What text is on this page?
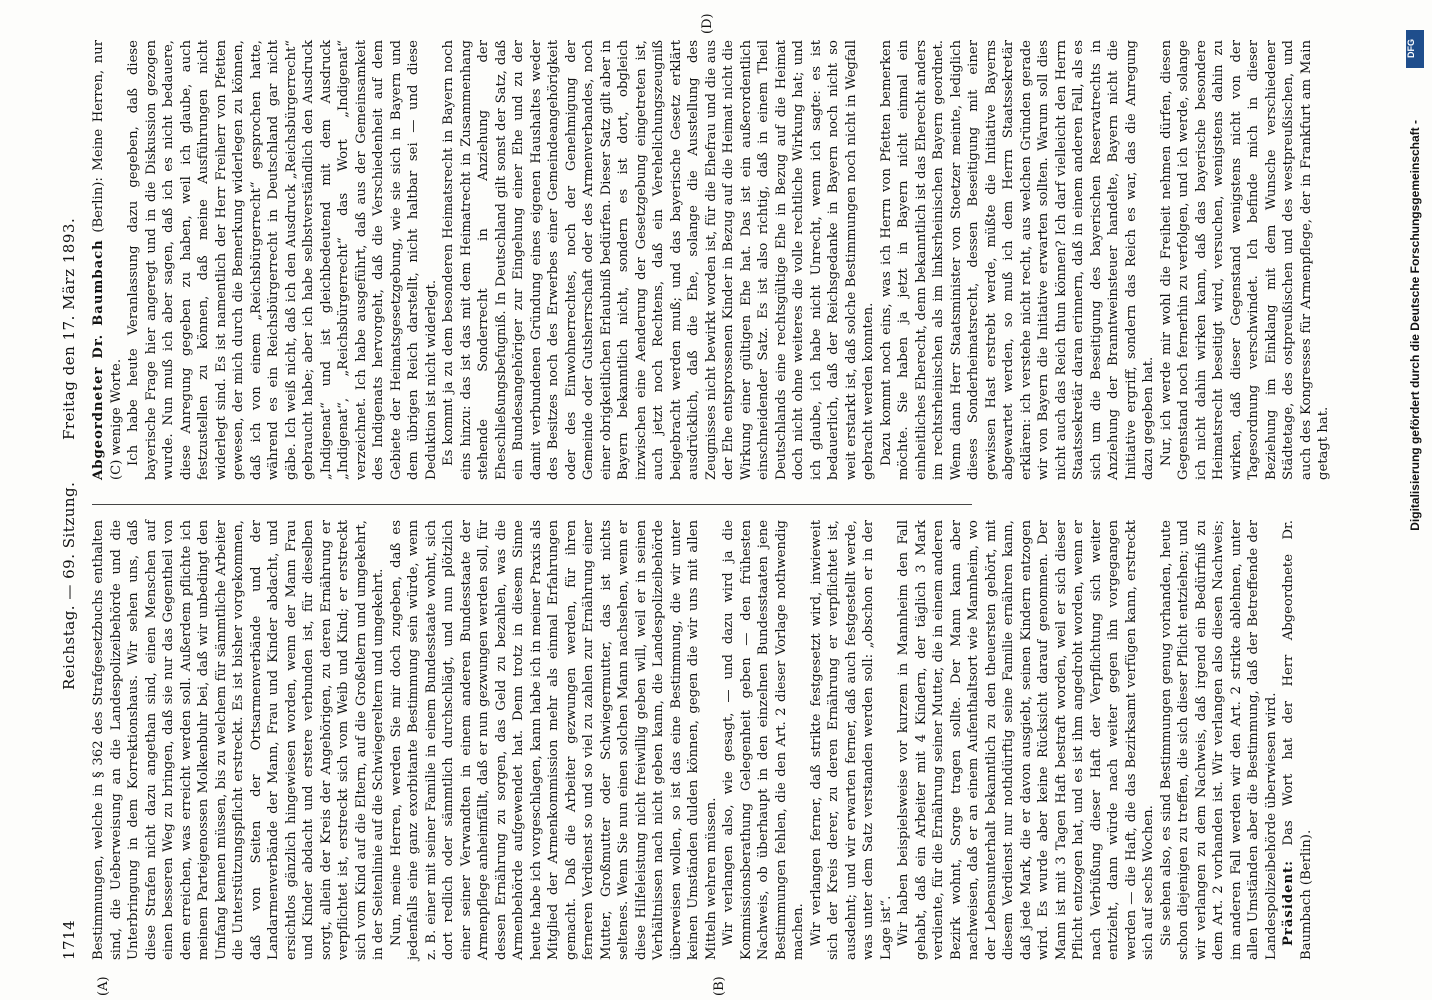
1714
Reichstag. — 69. Sitzung.
Freitag den 17. März 1893.
(A)	(B)
(D)

Bestimmungen, welche in § 362 des Strafgesetzbuchs enthalten sind, die Ueberweisung an die Landespolizeibehörde und die Unterbringung in dem Korrektionshaus. Wir sehen uns, daß diese Strafen nicht dazu angethan sind, einen Menschen auf einen besseren Weg zu bringen, daß sie nur das Gegentheil von dem erreichen, was erreicht werden soll. Außerdem pflichte ich meinem Parteigenossen Molkenbuhr bei, daß wir unbedingt den Umfang kennen müssen, bis zu welchem für sämmtliche Arbeiter die Unterstützungspflicht erstreckt. Es ist bisher vorgekommen, daß von Seiten der Ortsarmenverbände und der Landarmenverbände der Mann, Frau und Kinder abdacht, und ersichtlos gänzlich hingewiesen worden, wenn der Mann Frau und Kinder abdacht und erstere verbunden ist, für dieselben sorgt, allein der Kreis der Angehörigen, zu deren Ernährung er verpflichtet ist, erstreckt sich vom Weib und Kind; er erstreckt sich vom Kind auf die Eltern, auf die Großeltern und umgekehrt, in der Seitenlinie auf die Schwiegereltern und umgekehrt. Nun, meine Herren, werden Sie mir doch zugeben, daß es jedenfalls eine ganz exorbitante Bestimmung sein würde, wenn z. B. einer mit seiner Familie in einem Bundesstaate wohnt, sich dort redlich oder sämmtlich durchschlägt, und nun plötzlich einer seiner Verwandten in einem anderen Bundesstaate der Armenpflege anheimfällt, daß er nun gezwungen werden soll, für dessen Ernährung zu sorgen, das Geld zu bezahlen, was die Armenbehörde aufgewendet hat. Denn trotz in diesem Sinne heute habe ich vorgeschlagen, kann habe ich in meiner Praxis als Mitglied der Armenkommission mehr als einmal Erfahrungen gemacht. Daß die Arbeiter gezwungen werden, für ihren ferneren Verdienst so und so viel zu zahlen zur Ernährung einer Mutter, Großmutter oder Schwiegermutter, das ist nichts seltenes. Wenn Sie nun einen solchen Mann nachsehen, wenn er diese Hilfeleistung nicht freiwillig geben will, weil er in seinen Verhältnissen nach nicht geben kann, die Landespolizeibehörde überweisen wollen, so ist das eine Bestimmung, die wir unter keinen Umständen dulden können, gegen die wir uns mit allen Mitteln wehren müssen. Wir verlangen also, wie gesagt, — und dazu wird ja die Kommissionsberathung Gelegenheit geben — den frühesten Nachweis, ob überhaupt in den einzelnen Bundesstaaten jene Bestimmungen fehlen, die den Art. 2 dieser Vorlage nothwendig machen. Wir verlangen ferner, daß strikte festgesetzt wird, inwieweit sich der Kreis derer, zu deren Ernährung er verpflichtet ist, ausdehnt; und wir erwarten ferner, daß auch festgestellt werde, was unter dem Satz verstanden werden soll: „obschon er in der Lage ist“. Wir haben beispielsweise vor kurzem in Mannheim den Fall gehabt, daß ein Arbeiter mit 4 Kindern, der täglich 3 Mark verdiente, für die Ernährung seiner Mutter, die in einem anderen Bezirk wohnt, Sorge tragen sollte. Der Mann kann aber nachweisen, daß er an einem Aufenthaltsort wie Mannheim, wo der Lebensunterhalt bekanntlich zu den theuersten gehört, mit diesem Verdienst nur nothdürftig seine Familie ernähren kann, daß jede Mark, die er davon ausgiebt, seinen Kindern entzogen wird. Es wurde aber keine Rücksicht darauf genommen. Der Mann ist mit 3 Tagen Haft bestraft worden, weil er sich dieser Pflicht entzogen hat, und es ist ihm angedroht worden, wenn er nach Verbüßung dieser Haft der Verpflichtung sich weiter entzieht, dann würde nach weiter gegen ihn vorgegangen werden — die Haft, die das Bezirksamt verfügen kann, erstreckt sich auf sechs Wochen. Sie sehen also, es sind Bestimmungen genug vorhanden, heute schon diejenigen zu treffen, die sich dieser Pflicht entziehen; und wir verlangen zu dem Nachweis, daß irgend ein Bedürfniß zu dem Art. 2 vorhanden ist. Wir verlangen also diesen Nachweis; im anderen Fall werden wir den Art. 2 strikte ablehnen, unter allen Umständen aber die Bestimmung, daß der Betreffende der Landespolizeibehörde überwiesen wird. Präsident: Das Wort hat der Herr Abgeordnete Dr. Baumbach (Berlin).

Abgeordneter Dr. Baumbach (Berlin): Meine Herren, nur (C) wenige Worte. Ich habe heute Veranlassung dazu gegeben, daß diese bayerische Frage hier angeregt und in die Diskussion gezogen wurde. Nun muß ich aber sagen, daß ich es nicht bedauere, diese Anregung gegeben zu haben, weil ich glaube, auch festzustellen zu können, daß meine Ausführungen nicht widerlegt sind. Es ist namentlich der Herr Freiherr von Pfetten gewesen, der mich durch die Bemerkung widerlegen zu können, daß ich von einem „Reichsbürgerrecht“ gesprochen hatte, während es ein Reichsbürgerrecht in Deutschland gar nicht gäbe. Ich weiß nicht, daß ich den Ausdruck „Reichsbürgerrecht“ gebraucht habe; aber ich habe selbstverständlich den Ausdruck „Indigenat“ und ist gleichbedeutend mit dem Ausdruck „Indigenat“, „Reichsbürgerrecht“ das Wort „Indigenat“ verzeichnet. Ich habe ausgeführt, daß aus der Gemeinsamkeit des Indigenats hervorgeht, daß die Verschiedenheit auf dem Gebiete der Heimatsgesetzgebung, wie sie sich in Bayern und dem übrigen Reich darstellt, nicht haltbar sei — und diese Deduktion ist nicht widerlegt. Es kommt ja zu dem besonderen Heimatsrecht in Bayern noch eins hinzu: das ist das mit dem Heimatrecht in Zusammenhang stehende Sonderrecht in Anziehung der Eheschließungsbefugniß. In Deutschland gilt sonst der Satz, daß ein Bundesangehöriger zur Eingehung einer Ehe und zu der damit verbundenen Gründung eines eigenen Haushaltes weder des Besitzes noch des Erwerbes einer Gemeindeangehörigkeit oder des Einwohnerrechtes, noch der Genehmigung der Gemeinde oder Gutsherrschaft oder des Armenverbandes, noch einer obrigkeitlichen Erlaubniß bedürfen. Dieser Satz gilt aber in Bayern bekanntlich nicht, sondern es ist dort, obgleich inzwischen eine Aenderung der Gesetzgebung eingetreten ist, auch jetzt noch Rechtens, daß ein Verehelichungszeugniß beigebracht werden muß; und das bayerische Gesetz erklärt ausdrücklich, daß die Ehe, solange die Ausstellung des Zeugnisses nicht bewirkt worden ist, für die Ehefrau und die aus der Ehe entsprossenen Kinder in Bezug auf die Heimat nicht die Wirkung einer gültigen Ehe hat. Das ist ein außerordentlich einschneidender Satz. Es ist also richtig, daß in einem Theil Deutschlands eine rechtsgültige Ehe in Bezug auf die Heimat doch nicht ohne weiteres die volle rechtliche Wirkung hat; und ich glaube, ich habe nicht Unrecht, wenn ich sagte: es ist bedauerlich, daß der Reichsgedanke in Bayern noch nicht so weit erstarkt ist, daß solche Bestimmungen noch nicht in Wegfall gebracht werden konnten. Dazu kommt noch eins, was ich Herrn von Pfetten bemerken möchte. Sie haben ja jetzt in Bayern nicht einmal ein einheitliches Eherecht, denn bekanntlich ist das Eherecht anders im rechtsrheinischen als im linksrheinischen Bayern geordnet. Wenn dann Herr Staatsminister von Stoetzer meinte, lediglich dieses Sonderheimatsrecht, dessen Beseitigung mit einer gewissen Hast erstrebt werde, müßte die Initiative Bayerns abgewartet werden, so muß ich dem Herrn Staatssekretär erklären: ich verstehe nicht recht, aus welchen Gründen gerade wir von Bayern die Initiative erwarten sollten. Warum soll dies nicht auch das Reich thun können? Ich darf vielleicht den Herrn Staatssekretär daran erinnern, daß in einem anderen Fall, als es sich um die Beseitigung des bayerischen Reservatrechts in Anziehung der Branntweinsteuer handelte, Bayern nicht die Initiative ergriff, sondern das Reich es war, das die Anregung dazu gegeben hat. Nur, ich werde mir wohl die Freiheit nehmen dürfen, diesen Gegenstand noch fernerhin zu verfolgen, und ich werde, solange ich nicht dahin wirken kann, daß das bayerische besondere Heimatsrecht beseitigt wird, versuchen, wenigstens dahin zu wirken, daß dieser Gegenstand wenigstens nicht von der Tagesordnung verschwindet. Ich befinde mich in dieser Beziehung im Einklang mit dem Wunsche verschiedener Städtetage, des ostpreußischen und des westpreußischen, und auch des Kongresses für Armenpflege, der in Frankfurt am Main getagt hat.	Digitalisierung gefördert durch die Deutsche Forschungsgemeinschaft -
DFG
